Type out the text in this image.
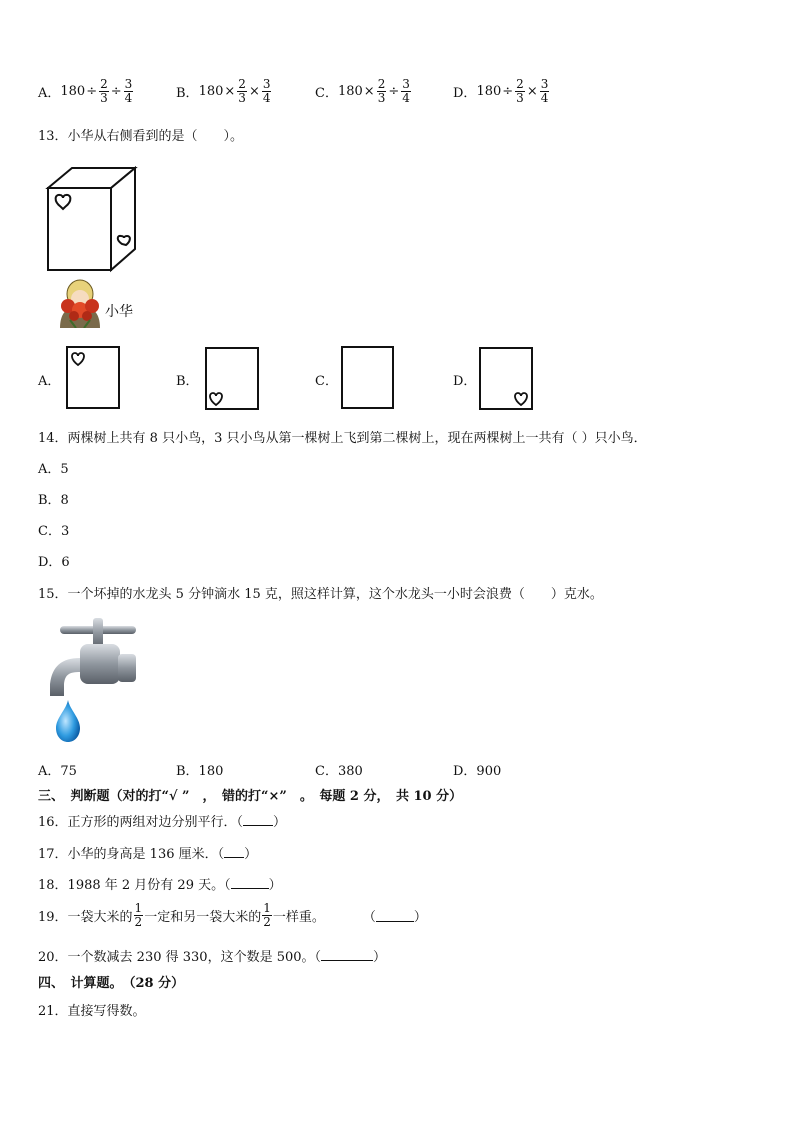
A． $180 \div \frac{2}{3} \div \frac{3}{4}$	B． $180 \times \frac{2}{3} \times \frac{3}{4}$	C． $180 \times \frac{2}{3} \div \frac{3}{4}$	D． $180 \div \frac{2}{3} \times \frac{3}{4}$
13．小华从右侧看到的是（　　）。
小华
A．	B．	C．	D．
14．两棵树上共有 8 只小鸟，3 只小鸟从第一棵树上飞到第二棵树上，现在两棵树上一共有（ ）只小鸟．
A．5
B．8
C．3
D．6
15．一个坏掉的水龙头 5 分钟滴水 15 克，照这样计算，这个水龙头一小时会浪费（　　）克水。
A．75	B．180	C．380	D．900
三、　判断题（对的打“√ ”　，　错的打“×”　。　每题 2 分，　共 10 分）
16．正方形的两组对边分别平行．（ ）
17．小华的身高是 136 厘米．（ ）
18．1988 年 2 月份有 29 天。（	）
19．一袋大米的 $\frac{1}{2}$ 一定和另一袋大米的 $\frac{1}{2}$ 一样重。	（	）
20．一个数减去 230 得 330，这个数是 500。（	）
四、　计算题。　（28 分）
21．直接写得数。
